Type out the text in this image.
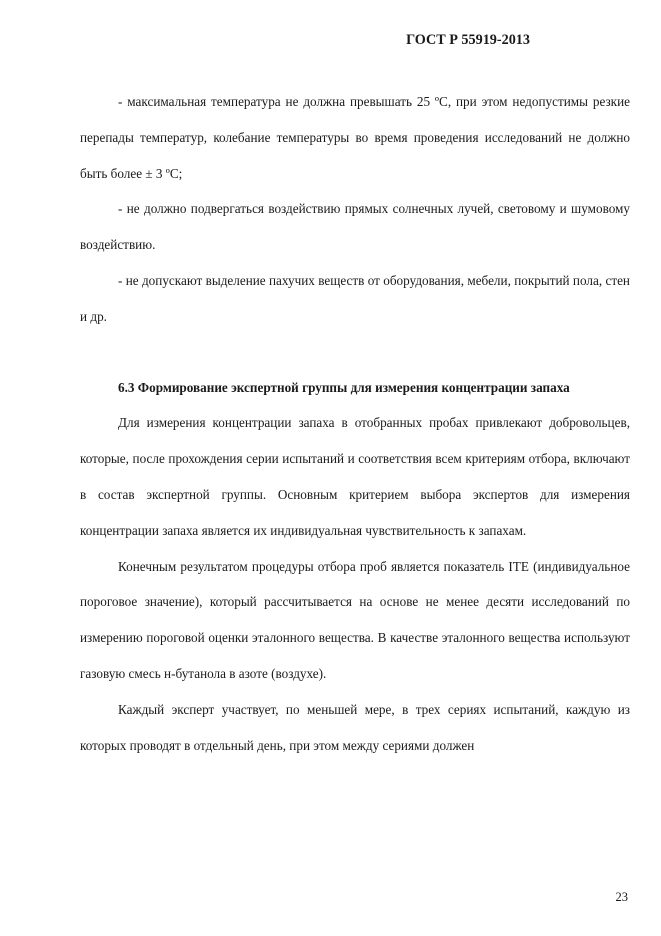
ГОСТ Р 55919-2013

- максимальная температура не должна превышать 25 ºС, при этом недопустимы резкие перепады температур, колебание температуры во время проведения исследований не должно быть более ± 3 ºС;

- не должно подвергаться воздействию прямых солнечных лучей, световому и шумовому воздействию.

- не допускают выделение пахучих веществ от оборудования, мебели, покрытий пола, стен и др.

6.3 Формирование экспертной группы для измерения концентрации запаха

Для измерения концентрации запаха в отобранных пробах привлекают добровольцев, которые, после прохождения серии испытаний и соответствия всем критериям отбора, включают в состав экспертной группы. Основным критерием выбора экспертов для измерения концентрации запаха является их индивидуальная чувствительность к запахам.

Конечным результатом процедуры отбора проб является показатель ITE (индивидуальное пороговое значение), который рассчитывается на основе не менее десяти исследований по измерению пороговой оценки эталонного вещества. В качестве эталонного вещества используют газовую смесь н-бутанола в азоте (воздухе).

Каждый эксперт участвует, по меньшей мере, в трех сериях испытаний, каждую из которых проводят в отдельный день, при этом между сериями должен

23
